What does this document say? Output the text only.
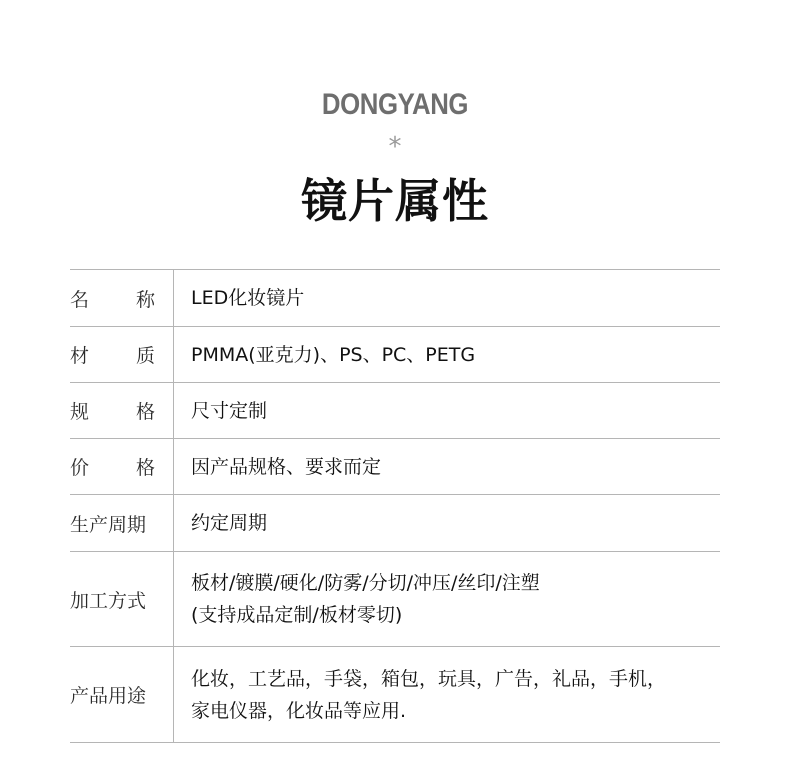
DONGYANG
*
镜片属性
名 称 LED化妆镜片
材 质 PMMA(亚克力)、PS、PC、PETG
规 格 尺寸定制
价 格 因产品规格、要求而定
生产周期	约定周期
加工方式
板材/镀膜/硬化/防雾/分切/冲压/丝印/注塑
(支持成品定制/板材零切)
产品用途
化妆，工艺品，手袋，箱包，玩具，广告，礼品，手机，
家电仪器，化妆品等应用.
